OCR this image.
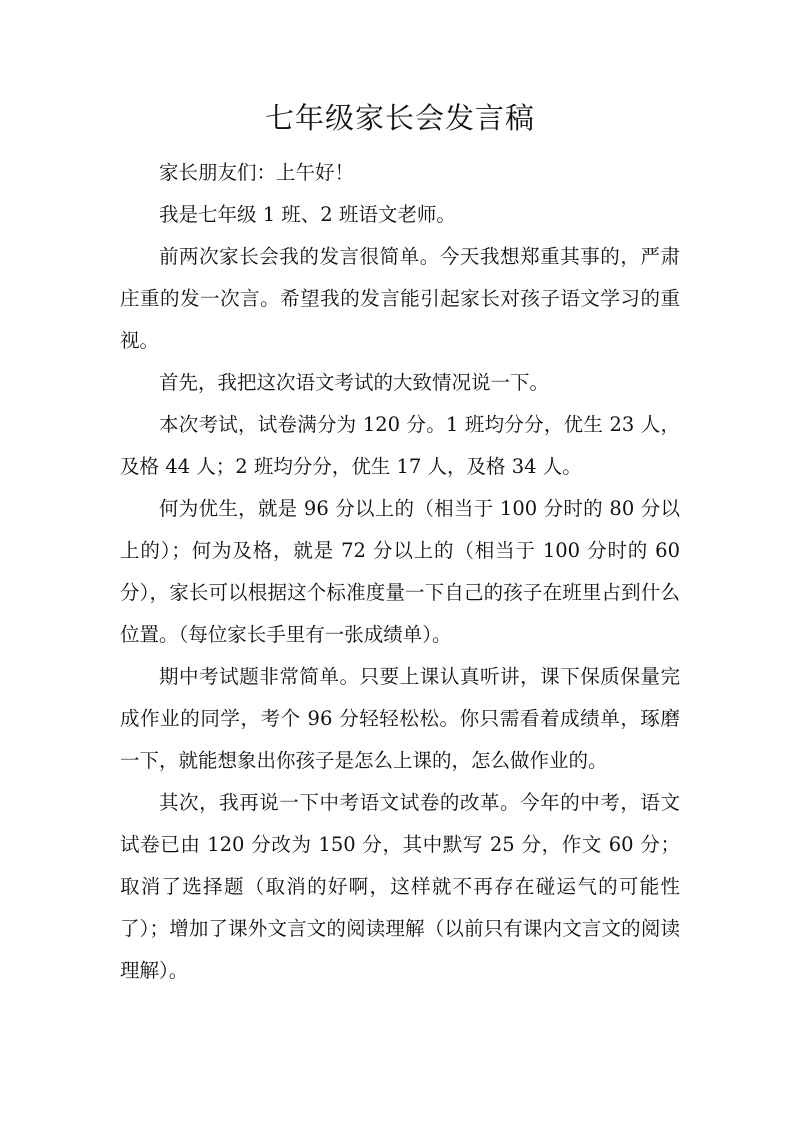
七年级家长会发言稿

家长朋友们：上午好！

我是七年级 1 班、2 班语文老师。

前两次家长会我的发言很简单。今天我想郑重其事的，严肃庄重的发一次言。希望我的发言能引起家长对孩子语文学习的重视。

首先，我把这次语文考试的大致情况说一下。

本次考试，试卷满分为 120 分。1 班均分分，优生 23 人，及格 44 人；2 班均分分，优生 17 人，及格 34 人。

何为优生，就是 96 分以上的（相当于 100 分时的 80 分以上的）；何为及格，就是 72 分以上的（相当于 100 分时的 60 分），家长可以根据这个标准度量一下自己的孩子在班里占到什么位置。（每位家长手里有一张成绩单）。

期中考试题非常简单。只要上课认真听讲，课下保质保量完成作业的同学，考个 96 分轻轻松松。你只需看着成绩单，琢磨一下，就能想象出你孩子是怎么上课的，怎么做作业的。

其次，我再说一下中考语文试卷的改革。今年的中考，语文试卷已由 120 分改为 150 分，其中默写 25 分，作文 60 分；取消了选择题（取消的好啊，这样就不再存在碰运气的可能性了）；增加了课外文言文的阅读理解（以前只有课内文言文的阅读理解）。
